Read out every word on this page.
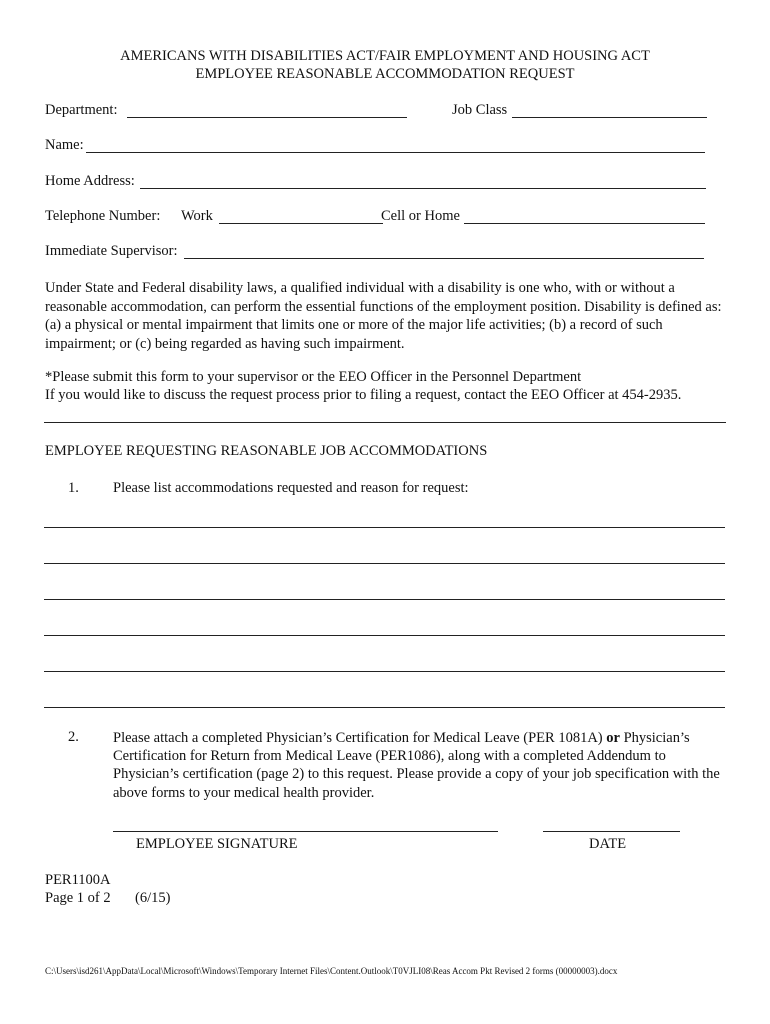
AMERICANS WITH DISABILITIES ACT/FAIR EMPLOYMENT AND HOUSING ACT
EMPLOYEE REASONABLE ACCOMMODATION REQUEST
Department:	Job Class
Name:
Home Address:
Telephone Number: Work	Cell or Home
Immediate Supervisor:
Under State and Federal disability laws, a qualified individual with a disability is one who, with or without a reasonable accommodation, can perform the essential functions of the employment position. Disability is defined as: (a) a physical or mental impairment that limits one or more of the major life activities; (b) a record of such impairment; or (c) being regarded as having such impairment.
*Please submit this form to your supervisor or the EEO Officer in the Personnel Department
If you would like to discuss the request process prior to filing a request, contact the EEO Officer at 454-2935.
EMPLOYEE REQUESTING REASONABLE JOB ACCOMMODATIONS
1. Please list accommodations requested and reason for request:
2. Please attach a completed Physician’s Certification for Medical Leave (PER 1081A) or Physician’s Certification for Return from Medical Leave (PER1086), along with a completed Addendum to Physician’s certification (page 2) to this request. Please provide a copy of your job specification with the above forms to your medical health provider.
EMPLOYEE SIGNATURE	DATE
PER1100A
Page 1 of 2 (6/15)
C:\Users\isd261\AppData\Local\Microsoft\Windows\Temporary Internet Files\Content.Outlook\T0VJLI08\Reas Accom Pkt Revised 2 forms (00000003).docx
